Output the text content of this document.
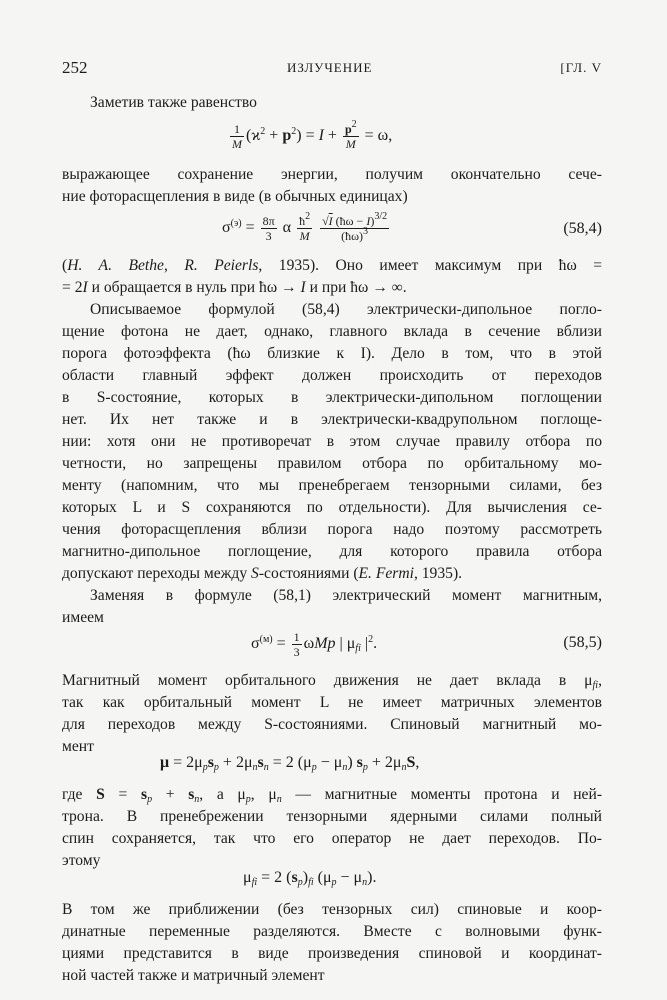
252	ИЗЛУЧЕНИЕ	[ГЛ. V
Заметив также равенство
$\frac{1}{M} (ϰ^2 + p^2) = I + \frac{p^2}{M} = \omega$,
выражающее сохранение энергии, получим окончательно сече-
ние фоторасщепления в виде (в обычных единицах)
$\sigma^{(э)} = \frac{8\pi}{3}$ α $\frac{ħ^2}{M}$
$\frac{√I (ħ\omega - I)^{3/2}}{(ħ\omega)^3}$	(58,4)
(H. A. Bethe, R. Peierls, 1935). Оно имеет максимум при ħω =
= 2I и обращается в нуль при ħω → I и при ħω → ∞.
Описываемое формулой (58,4) электрически-дипольное погло-
щение фотона не дает, однако, главного вклада в сечение вблизи
порога фотоэффекта (ħω близкие к I). Дело в том, что в этой
области главный эффект должен происходить от переходов
в S-состояние, которых в электрически-дипольном поглощении
нет. Их нет также и в электрически-квадрупольном поглоще-
нии: хотя они не противоречат в этом случае правилу отбора по
четности, но запрещены правилом отбора по орбитальному мо-
менту (напомним, что мы пренебрегаем тензорными силами, без
которых L и S сохраняются по отдельности). Для вычисления се-
чения фоторасщепления вблизи порога надо поэтому рассмотреть
магнитно-дипольное поглощение, для которого правила отбора
допускают переходы между S-состояниями (E. Fermi, 1935).
Заменяя в формуле (58,1) электрический момент магнитным,
имеем
$\sigma^{(м)} = \frac{1}{3}$ ωMp | $\mu_{fi}$ $|^2$.	(58,5)
Магнитный момент орбитального движения не дает вклада в $\mu_{fi}$,
так как орбитальный момент L не имеет матричных элементов
для переходов между S-состояниями. Спиновый магнитный мо-
мент
$\mu = 2\mu_ps_p + 2\mu_ns_n = 2$ $(\mu_p - \mu_n) s_p + 2\mu_nS$,
где $S = s_p + s_n$, а $\mu_p$, $\mu_n$ — магнитные моменты протона и ней-
трона. В пренебрежении тензорными ядерными силами полный
спин сохраняется, так что его оператор не дает переходов. По-
этому
$\mu_{fi} = 2$ $(s_p)_{fi}$ $(\mu_p - \mu_n)$.
В том же приближении (без тензорных сил) спиновые и коор-
динатные переменные разделяются. Вместе с волновыми функ-
циями представится в виде произведения спиновой и координат-
ной частей также и матричный элемент
